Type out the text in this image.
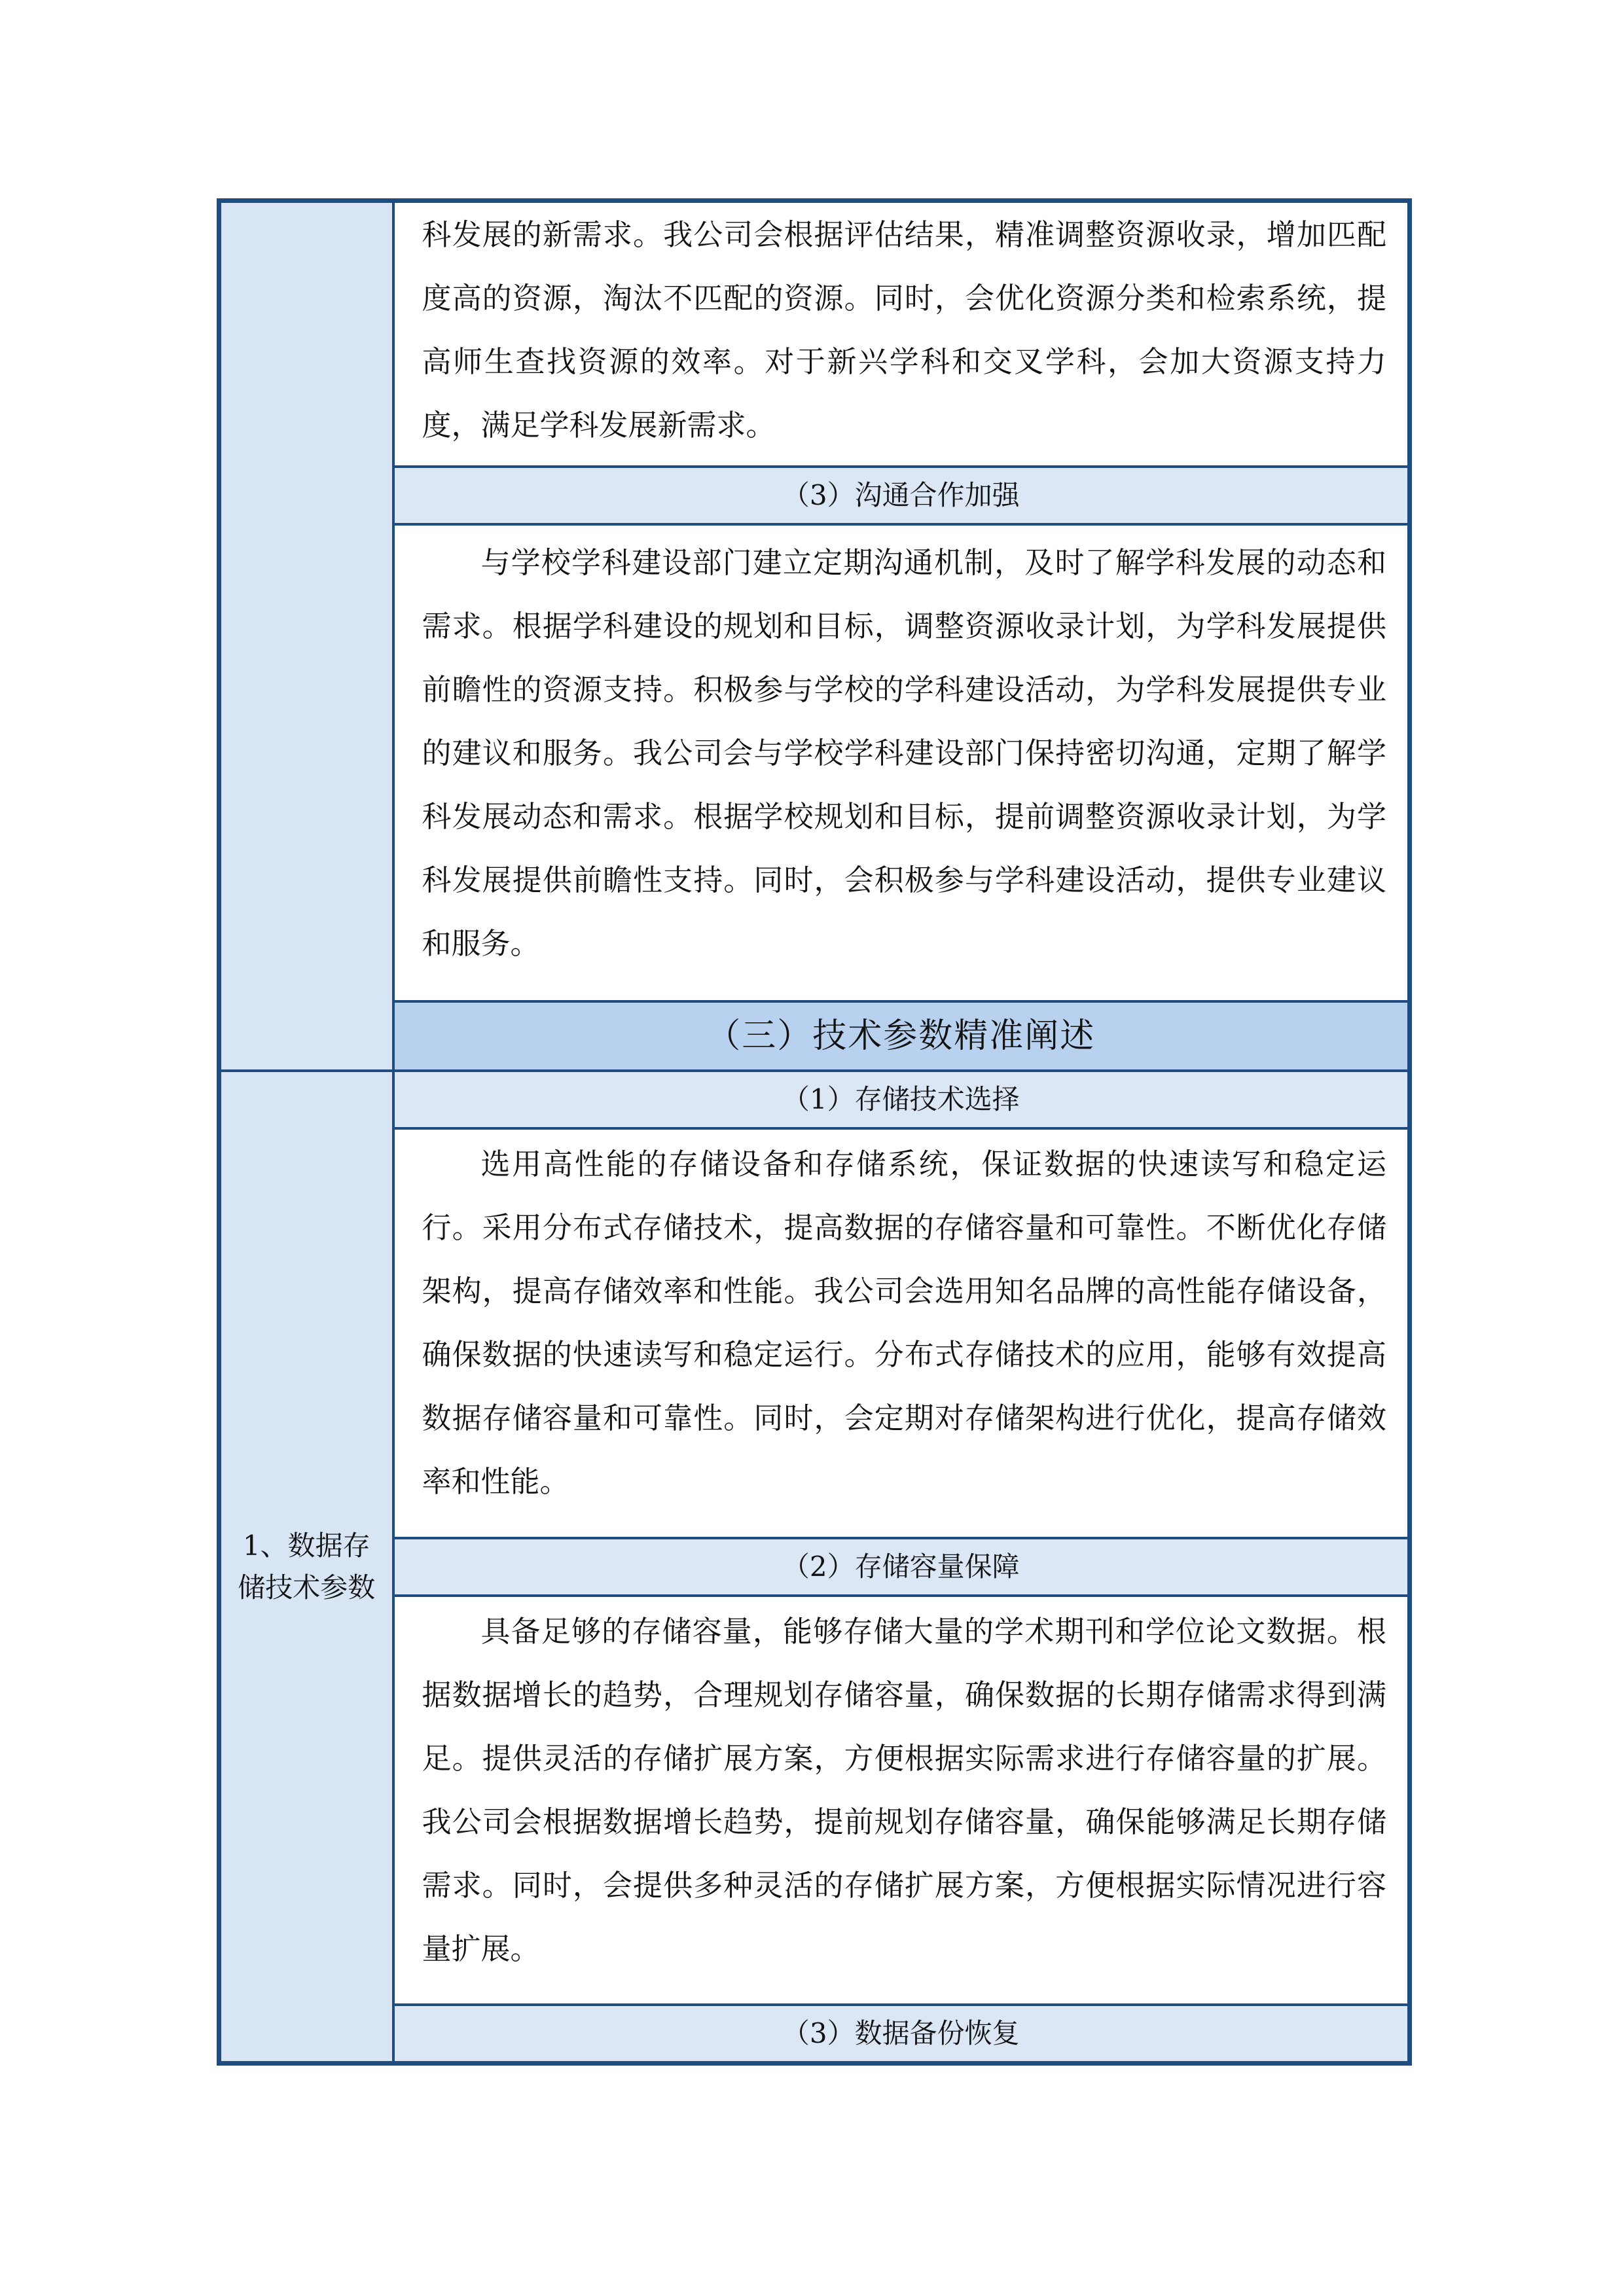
	科发展的新需求。我公司会根据评估结果，精准调整资源收录，增加匹配度高的资源，淘汰不匹配的资源。同时，会优化资源分类和检索系统，提高师生查找资源的效率。对于新兴学科和交叉学科，会加大资源支持力度，满足学科发展新需求。

	（3）沟通合作加强

	与学校学科建设部门建立定期沟通机制，及时了解学科发展的动态和需求。根据学科建设的规划和目标，调整资源收录计划，为学科发展提供前瞻性的资源支持。积极参与学校的学科建设活动，为学科发展提供专业的建议和服务。我公司会与学校学科建设部门保持密切沟通，定期了解学科发展动态和需求。根据学校规划和目标，提前调整资源收录计划，为学科发展提供前瞻性支持。同时，会积极参与学科建设活动，提供专业建议和服务。

	（三）技术参数精准阐述
1、数据存储技术参数	（1）存储技术选择

	选用高性能的存储设备和存储系统，保证数据的快速读写和稳定运行。采用分布式存储技术，提高数据的存储容量和可靠性。不断优化存储架构，提高存储效率和性能。我公司会选用知名品牌的高性能存储设备，确保数据的快速读写和稳定运行。分布式存储技术的应用，能够有效提高数据存储容量和可靠性。同时，会定期对存储架构进行优化，提高存储效率和性能。

	（2）存储容量保障

	具备足够的存储容量，能够存储大量的学术期刊和学位论文数据。根据数据增长的趋势，合理规划存储容量，确保数据的长期存储需求得到满足。提供灵活的存储扩展方案，方便根据实际需求进行存储容量的扩展。我公司会根据数据增长趋势，提前规划存储容量，确保能够满足长期存储需求。同时，会提供多种灵活的存储扩展方案，方便根据实际情况进行容量扩展。

	（3）数据备份恢复
